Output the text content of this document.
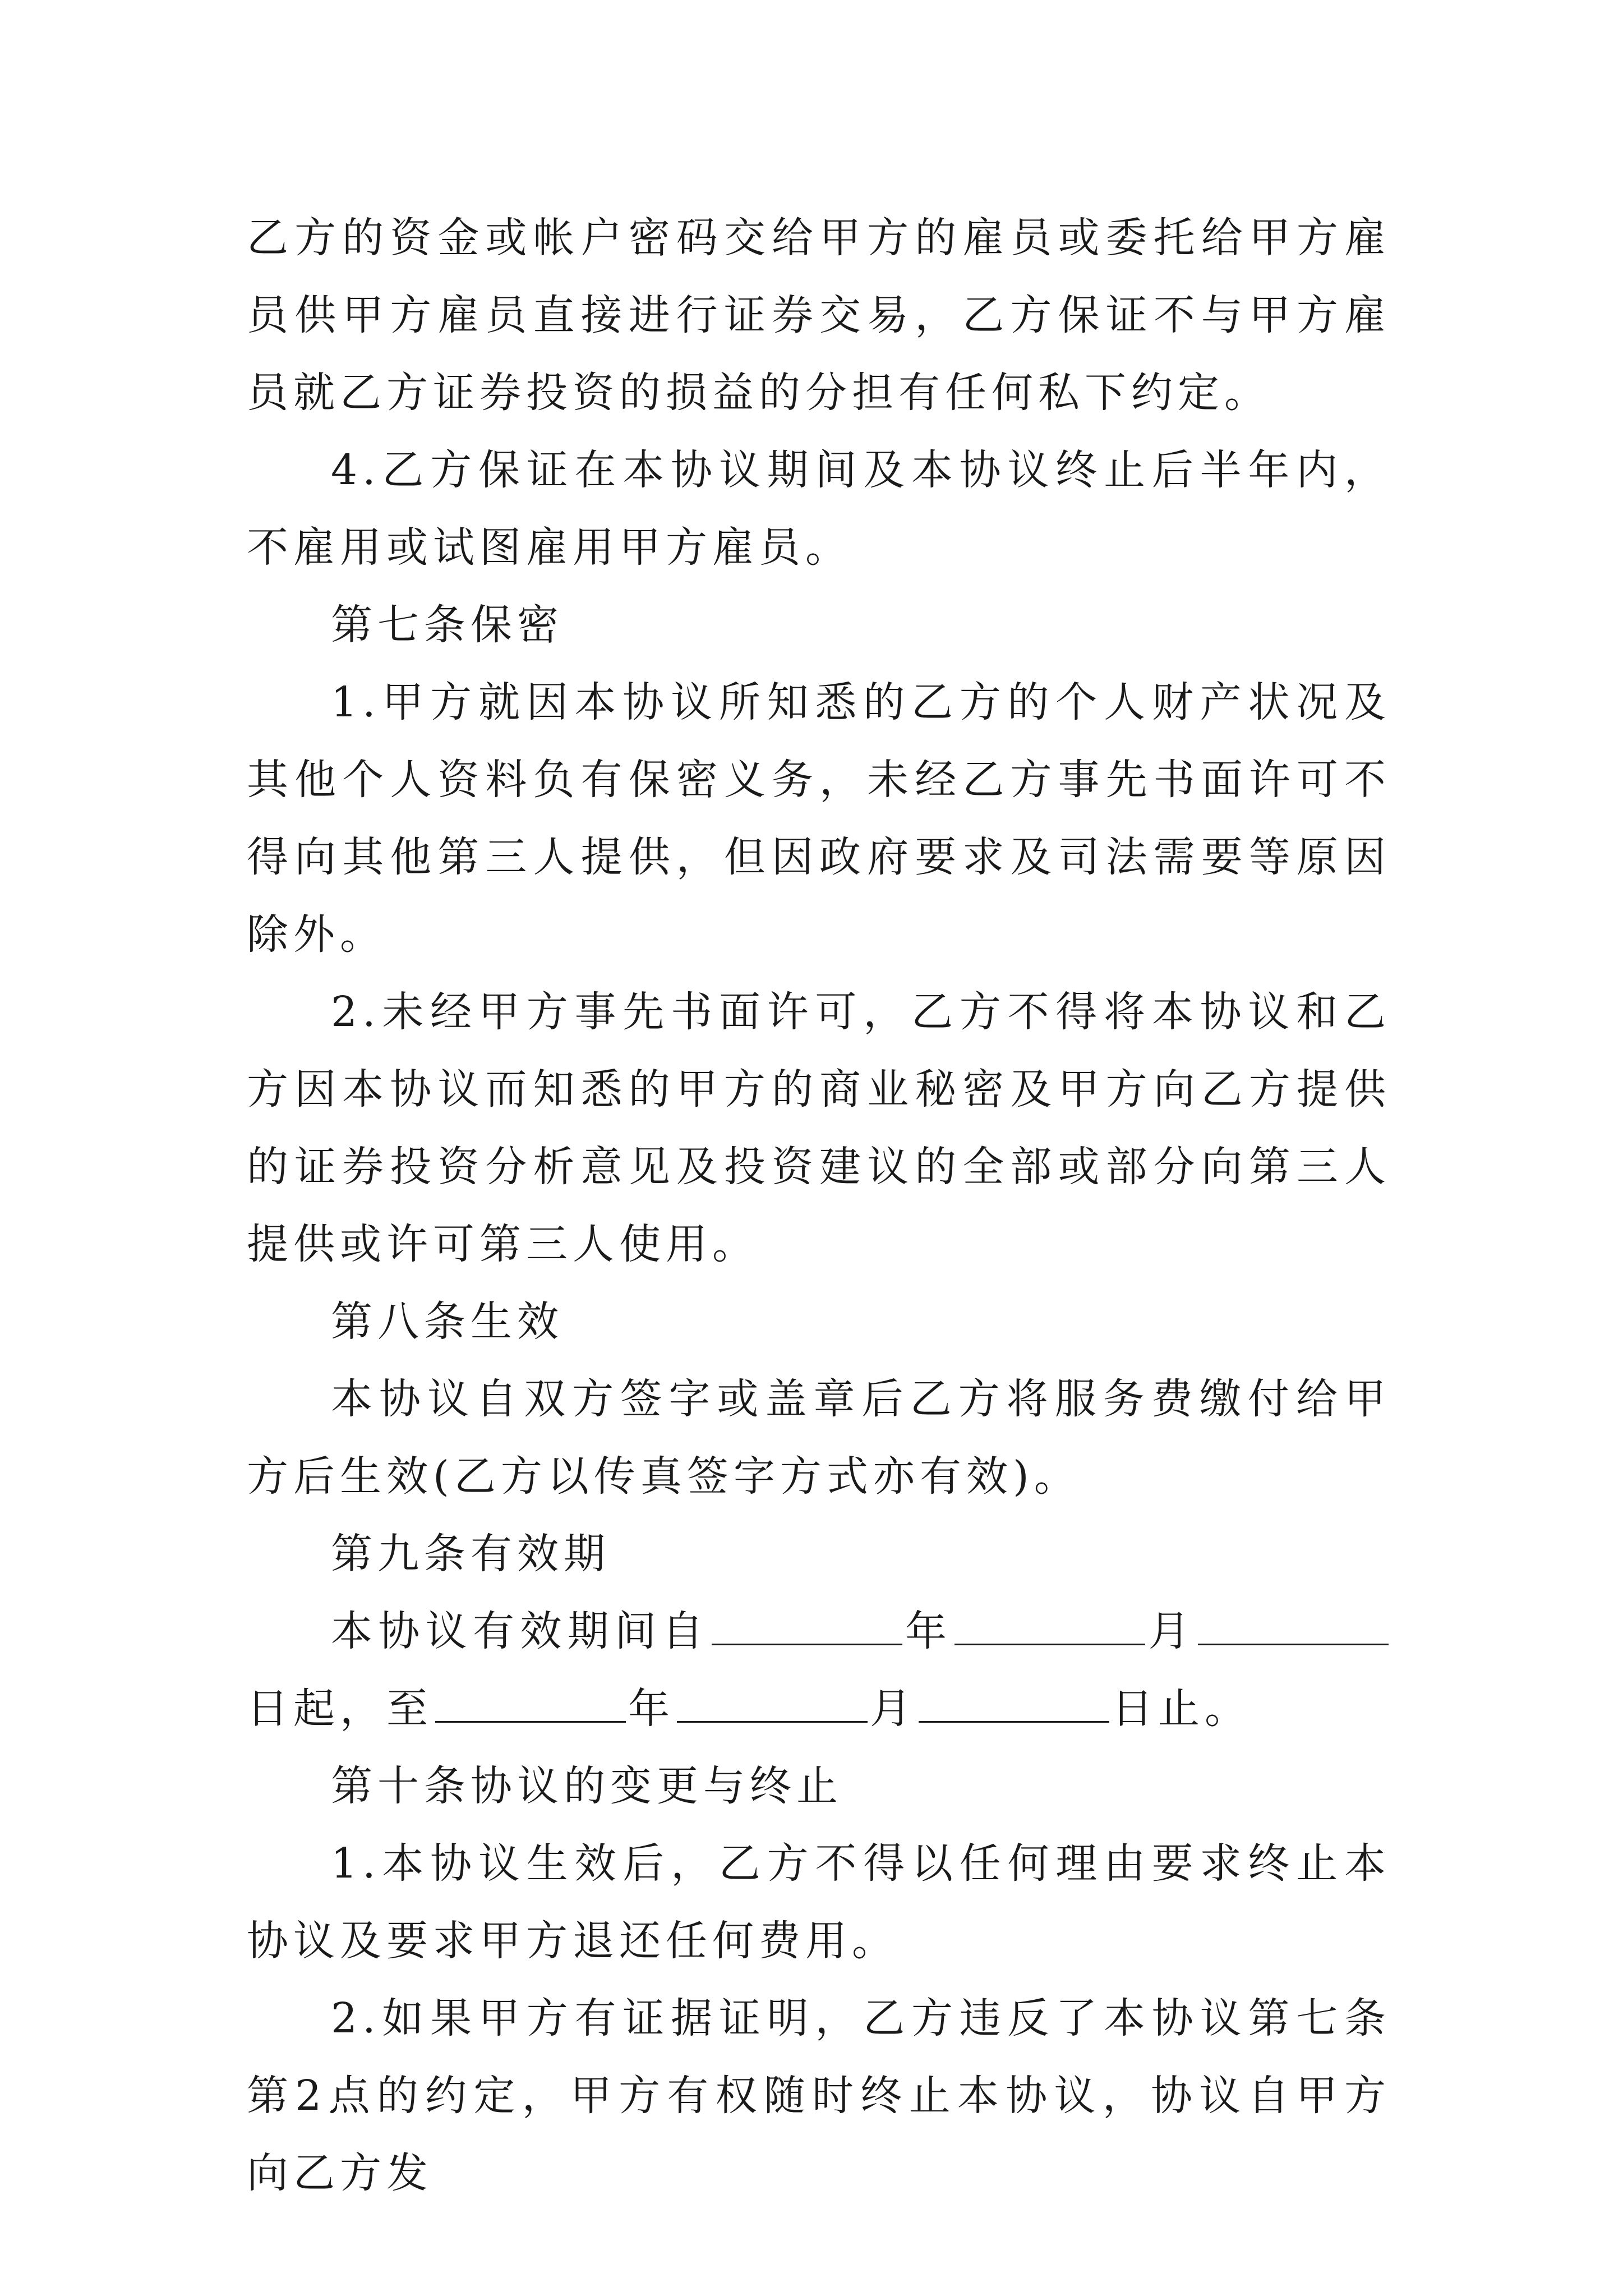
乙方的资金或帐户密码交给甲方的雇员或委托给甲方雇员供甲方雇员直接进行证券交易，乙方保证不与甲方雇员就乙方证券投资的损益的分担有任何私下约定。

4.乙方保证在本协议期间及本协议终止后半年内，不雇用或试图雇用甲方雇员。

第七条保密

1.甲方就因本协议所知悉的乙方的个人财产状况及其他个人资料负有保密义务，未经乙方事先书面许可不得向其他第三人提供，但因政府要求及司法需要等原因除外。

2.未经甲方事先书面许可，乙方不得将本协议和乙方因本协议而知悉的甲方的商业秘密及甲方向乙方提供的证券投资分析意见及投资建议的全部或部分向第三人提供或许可第三人使用。

第八条生效

本协议自双方签字或盖章后乙方将服务费缴付给甲方后生效(乙方以传真签字方式亦有效)。

第九条有效期

本协议有效期间自	年	月日起，至	年	月	日止。

第十条协议的变更与终止

1.本协议生效后，乙方不得以任何理由要求终止本协议及要求甲方退还任何费用。

2.如果甲方有证据证明，乙方违反了本协议第七条第2点的约定，甲方有权随时终止本协议，协议自甲方向乙方发
